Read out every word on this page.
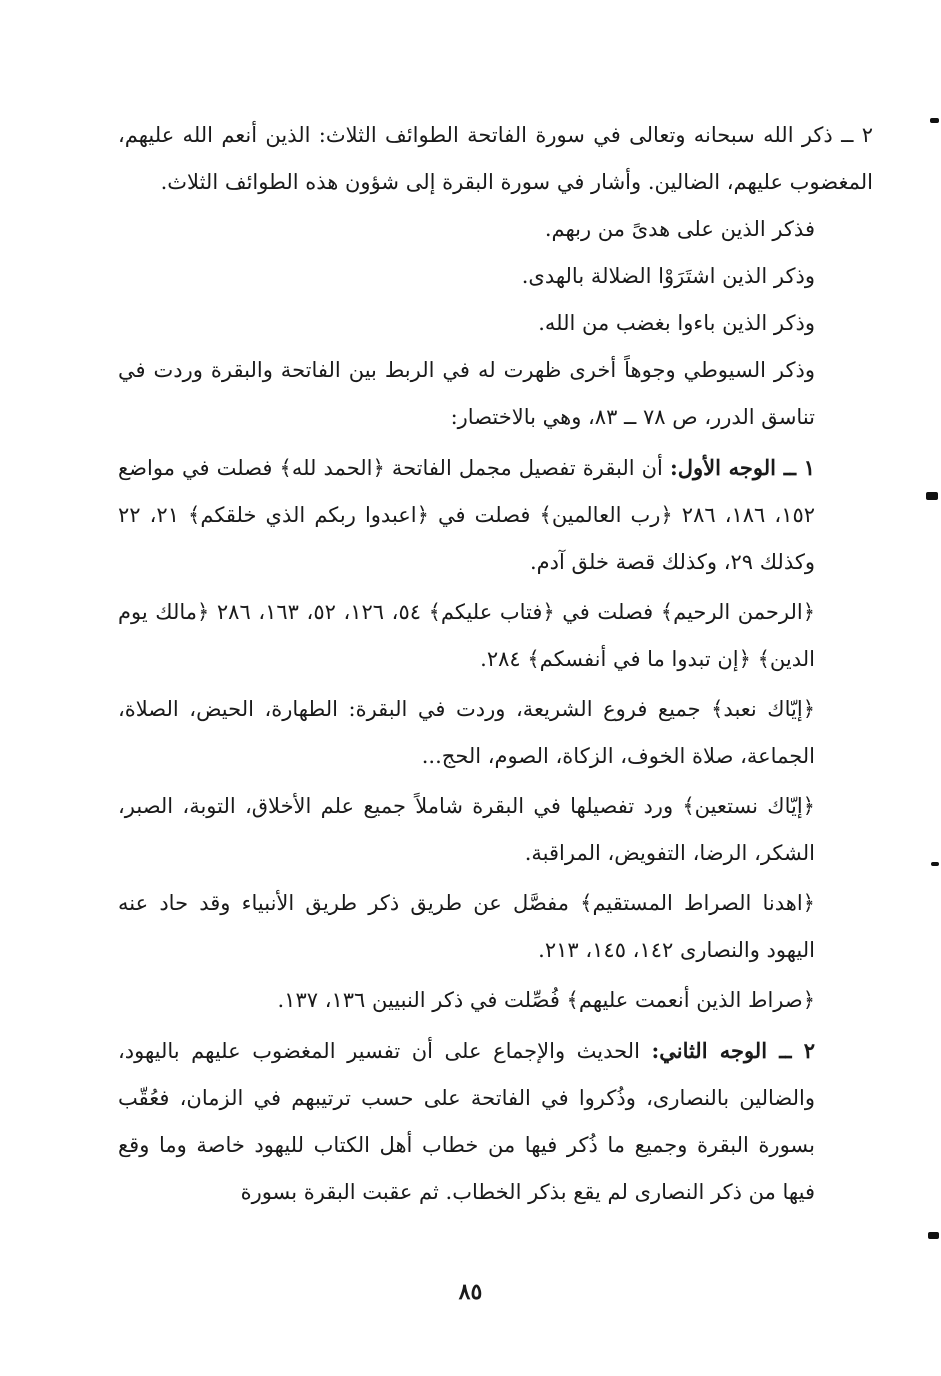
٢ ــ ذكر الله سبحانه وتعالى في سورة الفاتحة الطوائف الثلاث: الذين أنعم الله عليهم، المغضوب عليهم، الضالين. وأشار في سورة البقرة إلى شؤون هذه الطوائف الثلاث.

فذكر الذين على هدىً من ربهم.

وذكر الذين اشتَرَوْا الضلالة بالهدى.

وذكر الذين باءوا بغضب من الله.

وذكر السيوطي وجوهاً أخرى ظهرت له في الربط بين الفاتحة والبقرة وردت في تناسق الدرر، ص ٧٨ ــ ٨٣، وهي بالاختصار:

١ ــ الوجه الأول: أن البقرة تفصيل مجمل الفاتحة ﴿الحمد لله﴾ فصلت في مواضع ١٥٢، ١٨٦، ٢٨٦ ﴿رب العالمين﴾ فصلت في ﴿اعبدوا ربكم الذي خلقكم﴾ ٢١، ٢٢ وكذلك ٢٩، وكذلك قصة خلق آدم.

﴿الرحمن الرحيم﴾ فصلت في ﴿فتاب عليكم﴾ ٥٤، ١٢٦، ٥٢، ١٦٣، ٢٨٦ ﴿مالك يوم الدين﴾ ﴿إن تبدوا ما في أنفسكم﴾ ٢٨٤.

﴿إيّاك نعبد﴾ جميع فروع الشريعة، وردت في البقرة: الطهارة، الحيض، الصلاة، الجماعة، صلاة الخوف، الزكاة، الصوم، الحج...

﴿إيّاك نستعين﴾ ورد تفصيلها في البقرة شاملاً جميع علم الأخلاق، التوبة، الصبر، الشكر، الرضا، التفويض، المراقبة.

﴿اهدنا الصراط المستقيم﴾ مفصَّل عن طريق ذكر طريق الأنبياء وقد حاد عنه اليهود والنصارى ١٤٢، ١٤٥، ٢١٣.

﴿صراط الذين أنعمت عليهم﴾ فُصِّلت في ذكر النبيين ١٣٦، ١٣٧.

٢ ــ الوجه الثاني: الحديث والإجماع على أن تفسير المغضوب عليهم باليهود، والضالين بالنصارى، وذُكروا في الفاتحة على حسب ترتيبهم في الزمان، فعُقّب بسورة البقرة وجميع ما ذُكر فيها من خطاب أهل الكتاب لليهود خاصة وما وقع فيها من ذكر النصارى لم يقع بذكر الخطاب. ثم عقبت البقرة بسورة

٨٥
